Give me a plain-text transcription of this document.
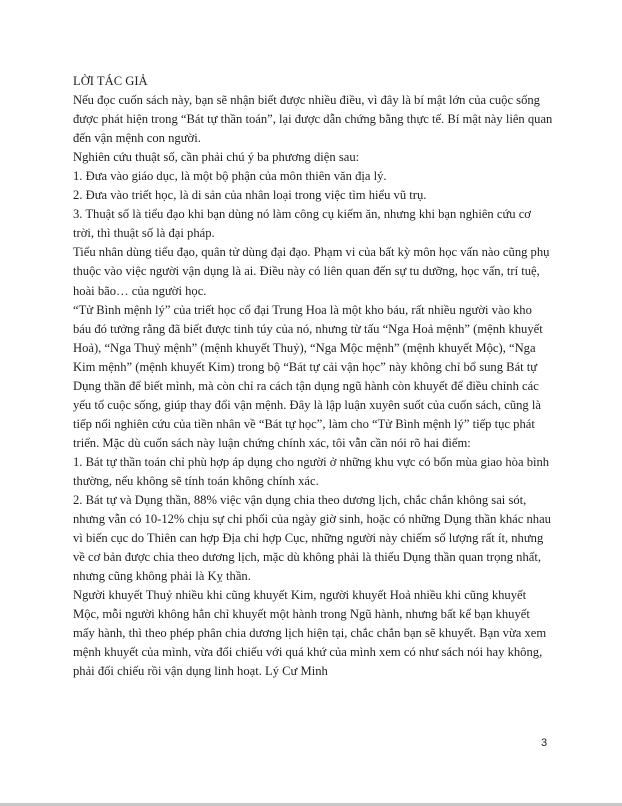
LỜI TÁC GIẢ

Nếu đọc cuốn sách này, bạn sẽ nhận biết được nhiều điều, vì đây là bí mật lớn của cuộc sống được phát hiện trong “Bát tự thần toán”, lại được dẫn chứng bằng thực tế. Bí mật này liên quan đến vận mệnh con người.

Nghiên cứu thuật số, cần phải chú ý ba phương diện sau:

1. Đưa vào giáo dục, là một bộ phận của môn thiên văn địa lý.

2. Đưa vào triết học, là di sản của nhân loại trong việc tìm hiểu vũ trụ.

3. Thuật số là tiểu đạo khi bạn dùng nó làm công cụ kiếm ăn, nhưng khi bạn nghiên cứu cơ trời, thì thuật số là đại pháp.

Tiểu nhân dùng tiểu đạo, quân tử dùng đại đạo. Phạm vi của bất kỳ môn học vấn nào cũng phụ thuộc vào việc người vận dụng là ai. Điều này có liên quan đến sự tu dưỡng, học vấn, trí tuệ, hoài bão… của người học.

“Tử Bình mệnh lý” của triết học cổ đại Trung Hoa là một kho báu, rất nhiều người vào kho báu đó tưởng rằng đã biết được tinh túy của nó, nhưng từ tấu “Nga Hoả mệnh” (mệnh khuyết Hoả), “Nga Thuỷ mệnh” (mệnh khuyết Thuỷ), “Nga Mộc mệnh” (mệnh khuyết Mộc), “Nga Kim mệnh” (mệnh khuyết Kim) trong bộ “Bát tự cải vận học” này không chỉ bổ sung Bát tự Dụng thần để biết mình, mà còn chỉ ra cách tận dụng ngũ hành còn khuyết để điều chỉnh các yếu tố cuộc sống, giúp thay đổi vận mệnh. Đây là lập luận xuyên suốt của cuốn sách, cũng là tiếp nối nghiên cứu của tiền nhân về “Bát tự học”, làm cho “Tử Bình mệnh lý” tiếp tục phát triển. Mặc dù cuốn sách này luận chứng chính xác, tôi vẫn cần nói rõ hai điểm:

1. Bát tự thần toán chỉ phù hợp áp dụng cho người ở những khu vực có bốn mùa giao hòa bình thường, nếu không sẽ tính toán không chính xác.

2. Bát tự và Dụng thần, 88% việc vận dụng chia theo dương lịch, chắc chắn không sai sót, nhưng vẫn có 10-12% chịu sự chi phối của ngày giờ sinh, hoặc có những Dụng thần khác nhau vì biến cục do Thiên can hợp Địa chi hợp Cục, những người này chiếm số lượng rất ít, nhưng về cơ bản được chia theo dương lịch, mặc dù không phải là thiếu Dụng thần quan trọng nhất, nhưng cũng không phải là Kỵ thần.

Người khuyết Thuỷ nhiều khi cũng khuyết Kim, người khuyết Hoả nhiều khi cũng khuyết Mộc, mỗi người không hẳn chỉ khuyết một hành trong Ngũ hành, nhưng bất kể bạn khuyết mấy hành, thì theo phép phân chia dương lịch hiện tại, chắc chắn bạn sẽ khuyết. Bạn vừa xem mệnh khuyết của mình, vừa đối chiếu với quá khứ của mình xem có như sách nói hay không, phải đối chiếu rồi vận dụng linh hoạt. Lý Cư Minh

3
